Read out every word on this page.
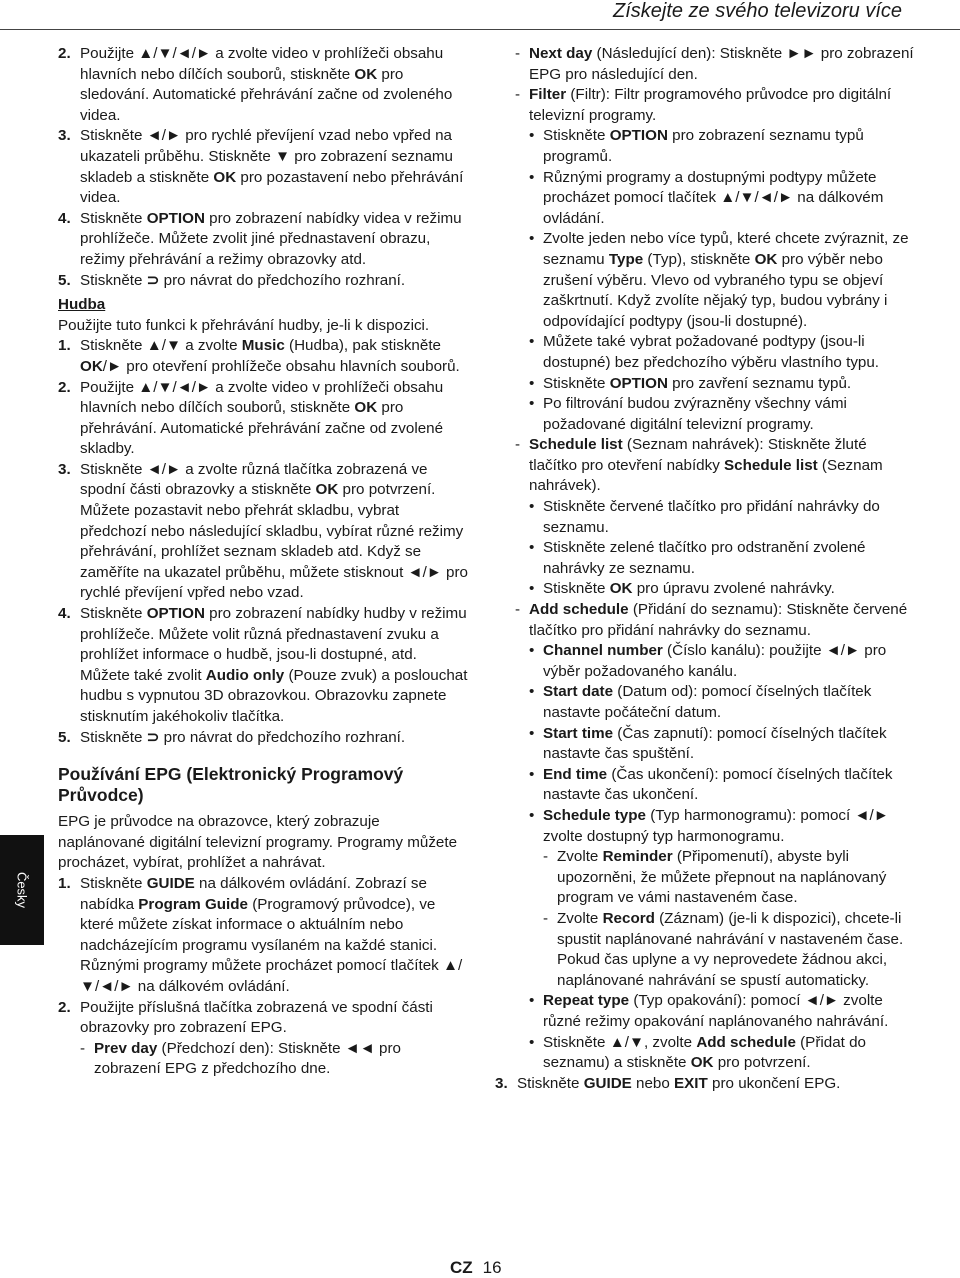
Získejte ze svého televizoru více
2. Použijte ▲/▼/◄/► a zvolte video v prohlížeči obsahu hlavních nebo dílčích souborů, stiskněte OK pro sledování. Automatické přehrávání začne od zvoleného videa.
3. Stiskněte ◄/► pro rychlé převíjení vzad nebo vpřed na ukazateli průběhu. Stiskněte ▼ pro zobrazení seznamu skladeb a stiskněte OK pro pozastavení nebo přehrávání videa.
4. Stiskněte OPTION pro zobrazení nabídky videa v režimu prohlížeče. Můžete zvolit jiné přednastavení obrazu, režimy přehrávání a režimy obrazovky atd.
5. Stiskněte ⊃ pro návrat do předchozího rozhraní.
Hudba
Použijte tuto funkci k přehrávání hudby, je-li k dispozici.
1. Stiskněte ▲/▼ a zvolte Music (Hudba), pak stiskněte OK/► pro otevření prohlížeče obsahu hlavních souborů.
2. Použijte ▲/▼/◄/► a zvolte video v prohlížeči obsahu hlavních nebo dílčích souborů, stiskněte OK pro přehrávání. Automatické přehrávání začne od zvolené skladby.
3. Stiskněte ◄/► a zvolte různá tlačítka zobrazená ve spodní části obrazovky a stiskněte OK pro potvrzení. Můžete pozastavit nebo přehrát skladbu, vybrat předchozí nebo následující skladbu, vybírat různé režimy přehrávání, prohlížet seznam skladeb atd. Když se zaměříte na ukazatel průběhu, můžete stisknout ◄/► pro rychlé převíjení vpřed nebo vzad.
4. Stiskněte OPTION pro zobrazení nabídky hudby v režimu prohlížeče. Můžete volit různá přednastavení zvuku a prohlížet informace o hudbě, jsou-li dostupné, atd. Můžete také zvolit Audio only (Pouze zvuk) a poslouchat hudbu s vypnutou 3D obrazovkou. Obrazovku zapnete stisknutím jakéhokoliv tlačítka.
5. Stiskněte ⊃ pro návrat do předchozího rozhraní.
Používání EPG (Elektronický Programový Průvodce)
EPG je průvodce na obrazovce, který zobrazuje naplánované digitální televizní programy. Programy můžete procházet, vybírat, prohlížet a nahrávat.
1. Stiskněte GUIDE na dálkovém ovládání. Zobrazí se nabídka Program Guide (Programový průvodce), ve které můžete získat informace o aktuálním nebo nadcházejícím programu vysílaném na každé stanici. Různými programy můžete procházet pomocí tlačítek ▲/▼/◄/► na dálkovém ovládání.
2. Použijte příslušná tlačítka zobrazená ve spodní části obrazovky pro zobrazení EPG.
- Prev day (Předchozí den): Stiskněte ◄◄ pro zobrazení EPG z předchozího dne.
- Next day (Následující den): Stiskněte ►► pro zobrazení EPG pro následující den.
- Filter (Filtr): Filtr programového průvodce pro digitální televizní programy.
• Stiskněte OPTION pro zobrazení seznamu typů programů.
• Různými programy a dostupnými podtypy můžete procházet pomocí tlačítek ▲/▼/◄/► na dálkovém ovládání.
• Zvolte jeden nebo více typů, které chcete zvýraznit, ze seznamu Type (Typ), stiskněte OK pro výběr nebo zrušení výběru. Vlevo od vybraného typu se objeví zaškrtnutí. Když zvolíte nějaký typ, budou vybrány i odpovídající podtypy (jsou-li dostupné).
• Můžete také vybrat požadované podtypy (jsou-li dostupné) bez předchozího výběru vlastního typu.
• Stiskněte OPTION pro zavření seznamu typů.
• Po filtrování budou zvýrazněny všechny vámi požadované digitální televizní programy.
- Schedule list (Seznam nahrávek): Stiskněte žluté tlačítko pro otevření nabídky Schedule list (Seznam nahrávek).
• Stiskněte červené tlačítko pro přidání nahrávky do seznamu.
• Stiskněte zelené tlačítko pro odstranění zvolené nahrávky ze seznamu.
• Stiskněte OK pro úpravu zvolené nahrávky.
- Add schedule (Přidání do seznamu): Stiskněte červené tlačítko pro přidání nahrávky do seznamu.
• Channel number (Číslo kanálu): použijte ◄/► pro výběr požadovaného kanálu.
• Start date (Datum od): pomocí číselných tlačítek nastavte počáteční datum.
• Start time (Čas zapnutí): pomocí číselných tlačítek nastavte čas spuštění.
• End time (Čas ukončení): pomocí číselných tlačítek nastavte čas ukončení.
• Schedule type (Typ harmonogramu): pomocí ◄/► zvolte dostupný typ harmonogramu.
- Zvolte Reminder (Připomenutí), abyste byli upozorněni, že můžete přepnout na naplánovaný program ve vámi nastaveném čase.
- Zvolte Record (Záznam) (je-li k dispozici), chcete-li spustit naplánované nahrávání v nastaveném čase. Pokud čas uplyne a vy neprovedete žádnou akci, naplánované nahrávání se spustí automaticky.
• Repeat type (Typ opakování): pomocí ◄/► zvolte různé režimy opakování naplánovaného nahrávání.
• Stiskněte ▲/▼, zvolte Add schedule (Přidat do seznamu) a stiskněte OK pro potvrzení.
3. Stiskněte GUIDE nebo EXIT pro ukončení EPG.
Česky
CZ 16
